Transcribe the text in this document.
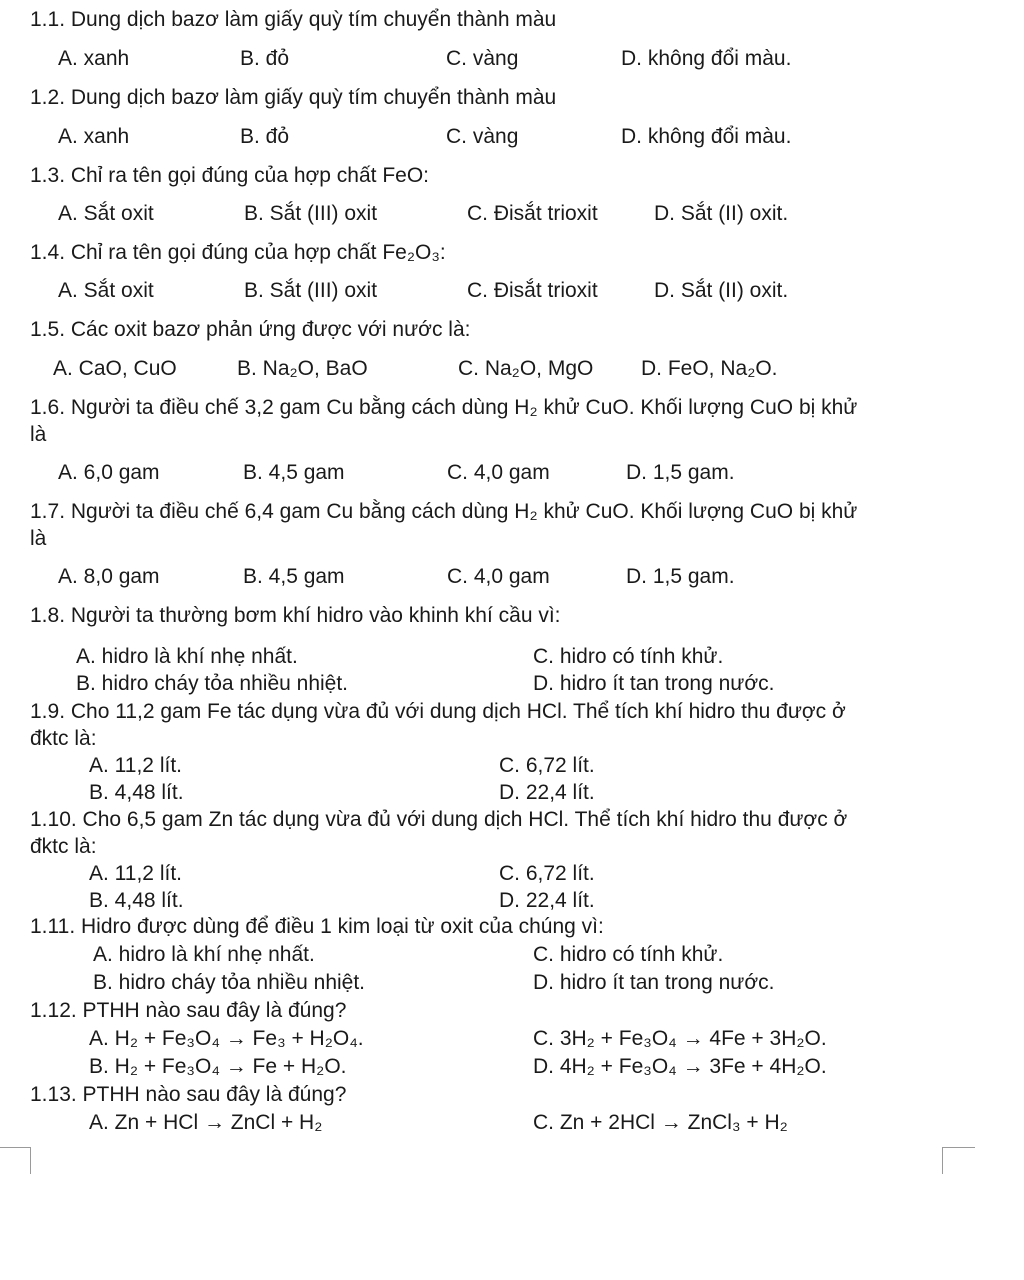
1.1. Dung dịch bazơ làm giấy quỳ tím chuyển thành màu
A. xanh	B. đỏ	C. vàng	D. không đổi màu.
1.2. Dung dịch bazơ làm giấy quỳ tím chuyển thành màu
A. xanh	B. đỏ	C. vàng	D. không đổi màu.
1.3. Chỉ ra tên gọi đúng của hợp chất FeO:
A. Sắt oxit	B. Sắt (III) oxit	C. Đisắt trioxit	D. Sắt (II) oxit.
1.4. Chỉ ra tên gọi đúng của hợp chất Fe₂O₃:
A. Sắt oxit	B. Sắt (III) oxit	C. Đisắt trioxit	D. Sắt (II) oxit.
1.5. Các oxit bazơ phản ứng được với nước là:
A. CaO, CuO	B. Na₂O, BaO	C. Na₂O, MgO D. FeO, Na₂O.
1.6. Người ta điều chế 3,2 gam Cu bằng cách dùng H₂ khử CuO. Khối lượng CuO bị khử
là
A. 6,0 gam	B. 4,5 gam	C. 4,0 gam	D. 1,5 gam.
1.7. Người ta điều chế 6,4 gam Cu bằng cách dùng H₂ khử CuO. Khối lượng CuO bị khử
là
A. 8,0 gam	B. 4,5 gam	C. 4,0 gam	D. 1,5 gam.
1.8. Người ta thường bơm khí hidro vào khinh khí cầu vì:
A. hidro là khí nhẹ nhất.
B. hidro cháy tỏa nhiều nhiệt.
C. hidro có tính khử.
D. hidro ít tan trong nước.
1.9. Cho 11,2 gam Fe tác dụng vừa đủ với dung dịch HCl. Thể tích khí hidro thu được ở
đktc là:
A. 11,2 lít.
B. 4,48 lít.
C. 6,72 lít.
D. 22,4 lít.
1.10. Cho 6,5 gam Zn tác dụng vừa đủ với dung dịch HCl. Thể tích khí hidro thu được ở
đktc là:
A. 11,2 lít.
B. 4,48 lít.
C. 6,72 lít.
D. 22,4 lít.
1.11. Hidro được dùng để điều 1 kim loại từ oxit của chúng vì:
A. hidro là khí nhẹ nhất.
B. hidro cháy tỏa nhiều nhiệt.
C. hidro có tính khử.
D. hidro ít tan trong nước.
1.12. PTHH nào sau đây là đúng?
A. H₂ + Fe₃O₄ → Fe₃ + H₂O₄.
B. H₂ + Fe₃O₄ → Fe + H₂O.
C. 3H₂ + Fe₃O₄ → 4Fe + 3H₂O.
D. 4H₂ + Fe₃O₄ → 3Fe + 4H₂O.
1.13. PTHH nào sau đây là đúng?
A. Zn + HCl → ZnCl + H₂	C. Zn + 2HCl → ZnCl₃ + H₂
